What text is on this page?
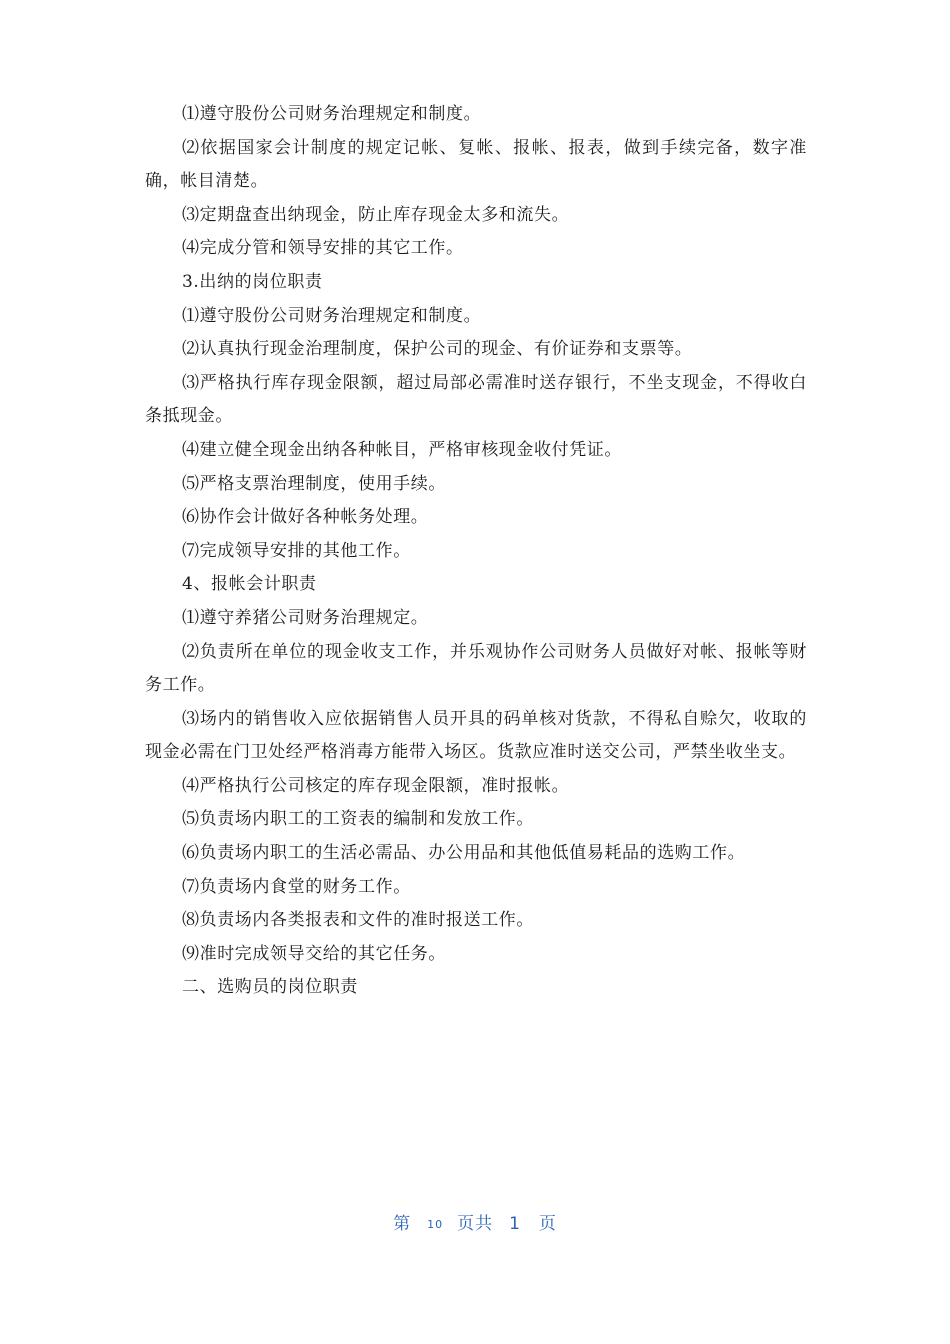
⑴遵守股份公司财务治理规定和制度。

⑵依据国家会计制度的规定记帐、复帐、报帐、报表，做到手续完备，数字准确，帐目清楚。

⑶定期盘查出纳现金，防止库存现金太多和流失。

⑷完成分管和领导安排的其它工作。

3.出纳的岗位职责

⑴遵守股份公司财务治理规定和制度。

⑵认真执行现金治理制度，保护公司的现金、有价证券和支票等。

⑶严格执行库存现金限额，超过局部必需准时送存银行，不坐支现金，不得收白条抵现金。

⑷建立健全现金出纳各种帐目，严格审核现金收付凭证。

⑸严格支票治理制度，使用手续。

⑹协作会计做好各种帐务处理。

⑺完成领导安排的其他工作。

4、报帐会计职责

⑴遵守养猪公司财务治理规定。

⑵负责所在单位的现金收支工作，并乐观协作公司财务人员做好对帐、报帐等财务工作。

⑶场内的销售收入应依据销售人员开具的码单核对货款，不得私自赊欠，收取的现金必需在门卫处经严格消毒方能带入场区。货款应准时送交公司，严禁坐收坐支。

⑷严格执行公司核定的库存现金限额，准时报帐。

⑸负责场内职工的工资表的编制和发放工作。

⑹负责场内职工的生活必需品、办公用品和其他低值易耗品的选购工作。

⑺负责场内食堂的财务工作。

⑻负责场内各类报表和文件的准时报送工作。

⑼准时完成领导交给的其它任务。

二、选购员的岗位职责

第 10 页共 1 页
